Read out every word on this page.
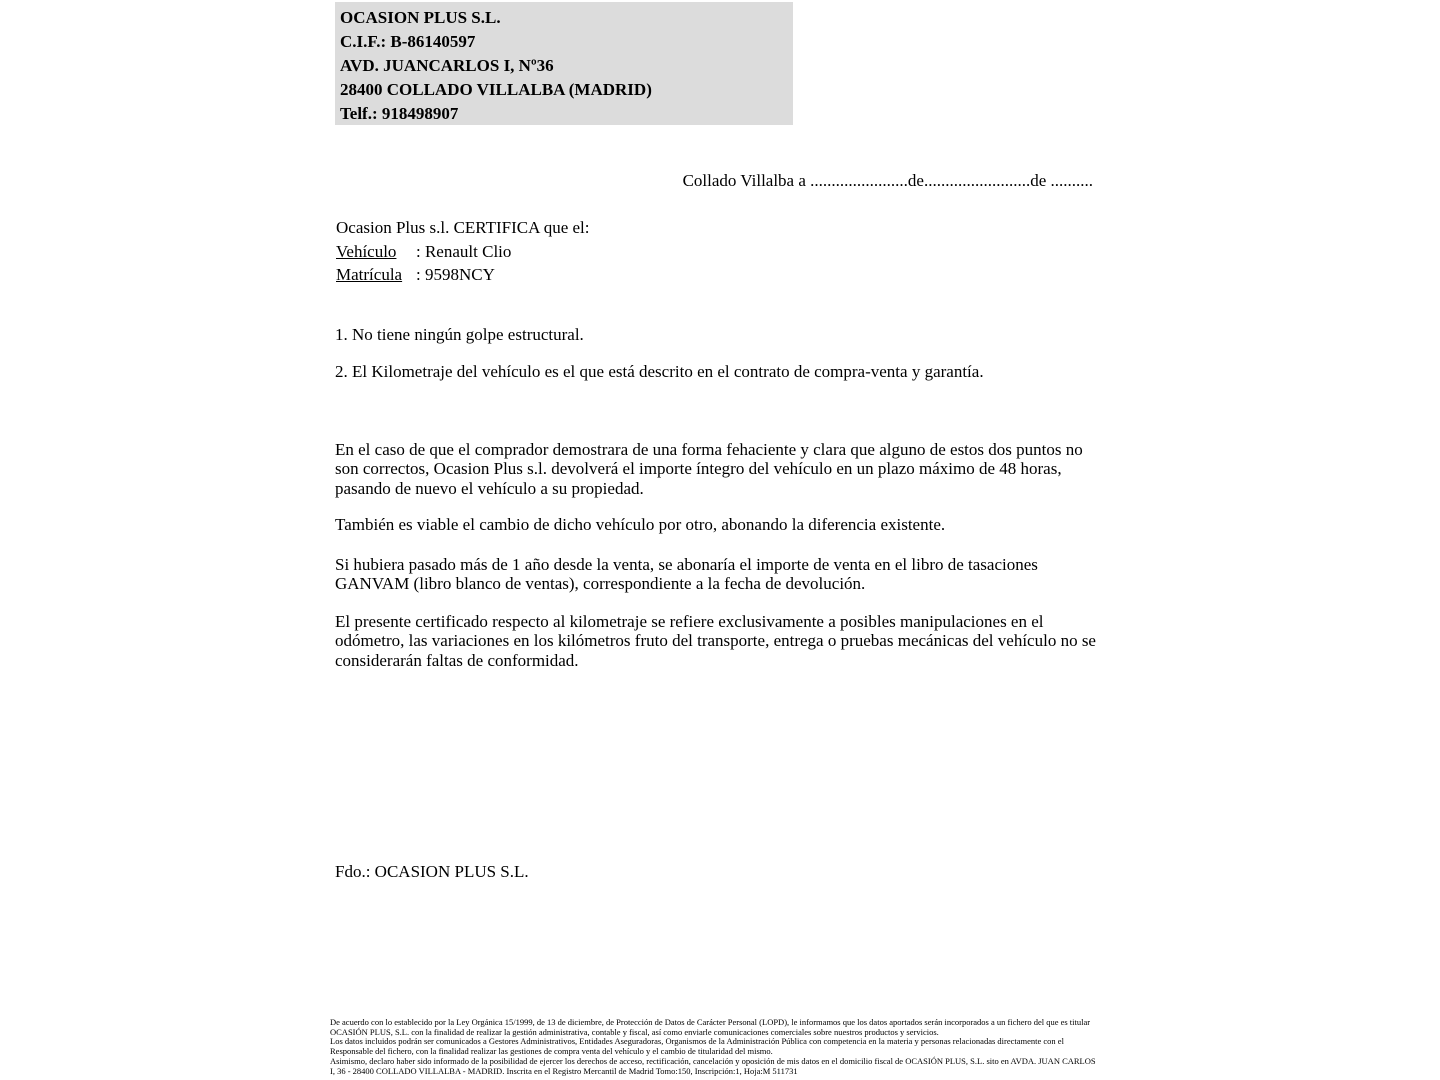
OCASION PLUS S.L.
C.I.F.: B-86140597
AVD. JUANCARLOS I, Nº36
28400 COLLADO VILLALBA (MADRID)
Telf.: 918498907
Collado Villalba a .......................de.........................de ..........
Ocasion Plus s.l. CERTIFICA que el:
Vehículo : Renault Clio
Matrícula : 9598NCY
1. No tiene ningún golpe estructural.
2. El Kilometraje del vehículo es el que está descrito en el contrato de compra-venta y garantía.
En el caso de que el comprador demostrara de una forma fehaciente y clara que alguno de estos dos puntos no son correctos, Ocasion Plus s.l. devolverá el importe íntegro del vehículo en un plazo máximo de 48 horas, pasando de nuevo el vehículo a su propiedad.
También es viable el cambio de dicho vehículo por otro, abonando la diferencia existente.
Si hubiera pasado más de 1 año desde la venta, se abonaría el importe de venta en el libro de tasaciones GANVAM (libro blanco de ventas), correspondiente a la fecha de devolución.
El presente certificado respecto al kilometraje se refiere exclusivamente a posibles manipulaciones en el odómetro, las variaciones en los kilómetros fruto del transporte, entrega o pruebas mecánicas del vehículo no se considerarán faltas de conformidad.
Fdo.: OCASION PLUS S.L.
De acuerdo con lo establecido por la Ley Orgánica 15/1999, de 13 de diciembre, de Protección de Datos de Carácter Personal (LOPD), le informamos que los datos aportados serán incorporados a un fichero del que es titular OCASIÓN PLUS, S.L. con la finalidad de realizar la gestión administrativa, contable y fiscal, así como enviarle comunicaciones comerciales sobre nuestros productos y servicios.
Los datos incluidos podrán ser comunicados a Gestores Administrativos, Entidades Aseguradoras, Organismos de la Administración Pública con competencia en la materia y personas relacionadas directamente con el Responsable del fichero, con la finalidad realizar las gestiones de compra venta del vehículo y el cambio de titularidad del mismo.
Asimismo, declaro haber sido informado de la posibilidad de ejercer los derechos de acceso, rectificación, cancelación y oposición de mis datos en el domicilio fiscal de OCASIÓN PLUS, S.L. sito en AVDA. JUAN CARLOS I, 36 - 28400 COLLADO VILLALBA - MADRID. Inscrita en el Registro Mercantil de Madrid Tomo:150, Inscripción:1, Hoja:M 511731
